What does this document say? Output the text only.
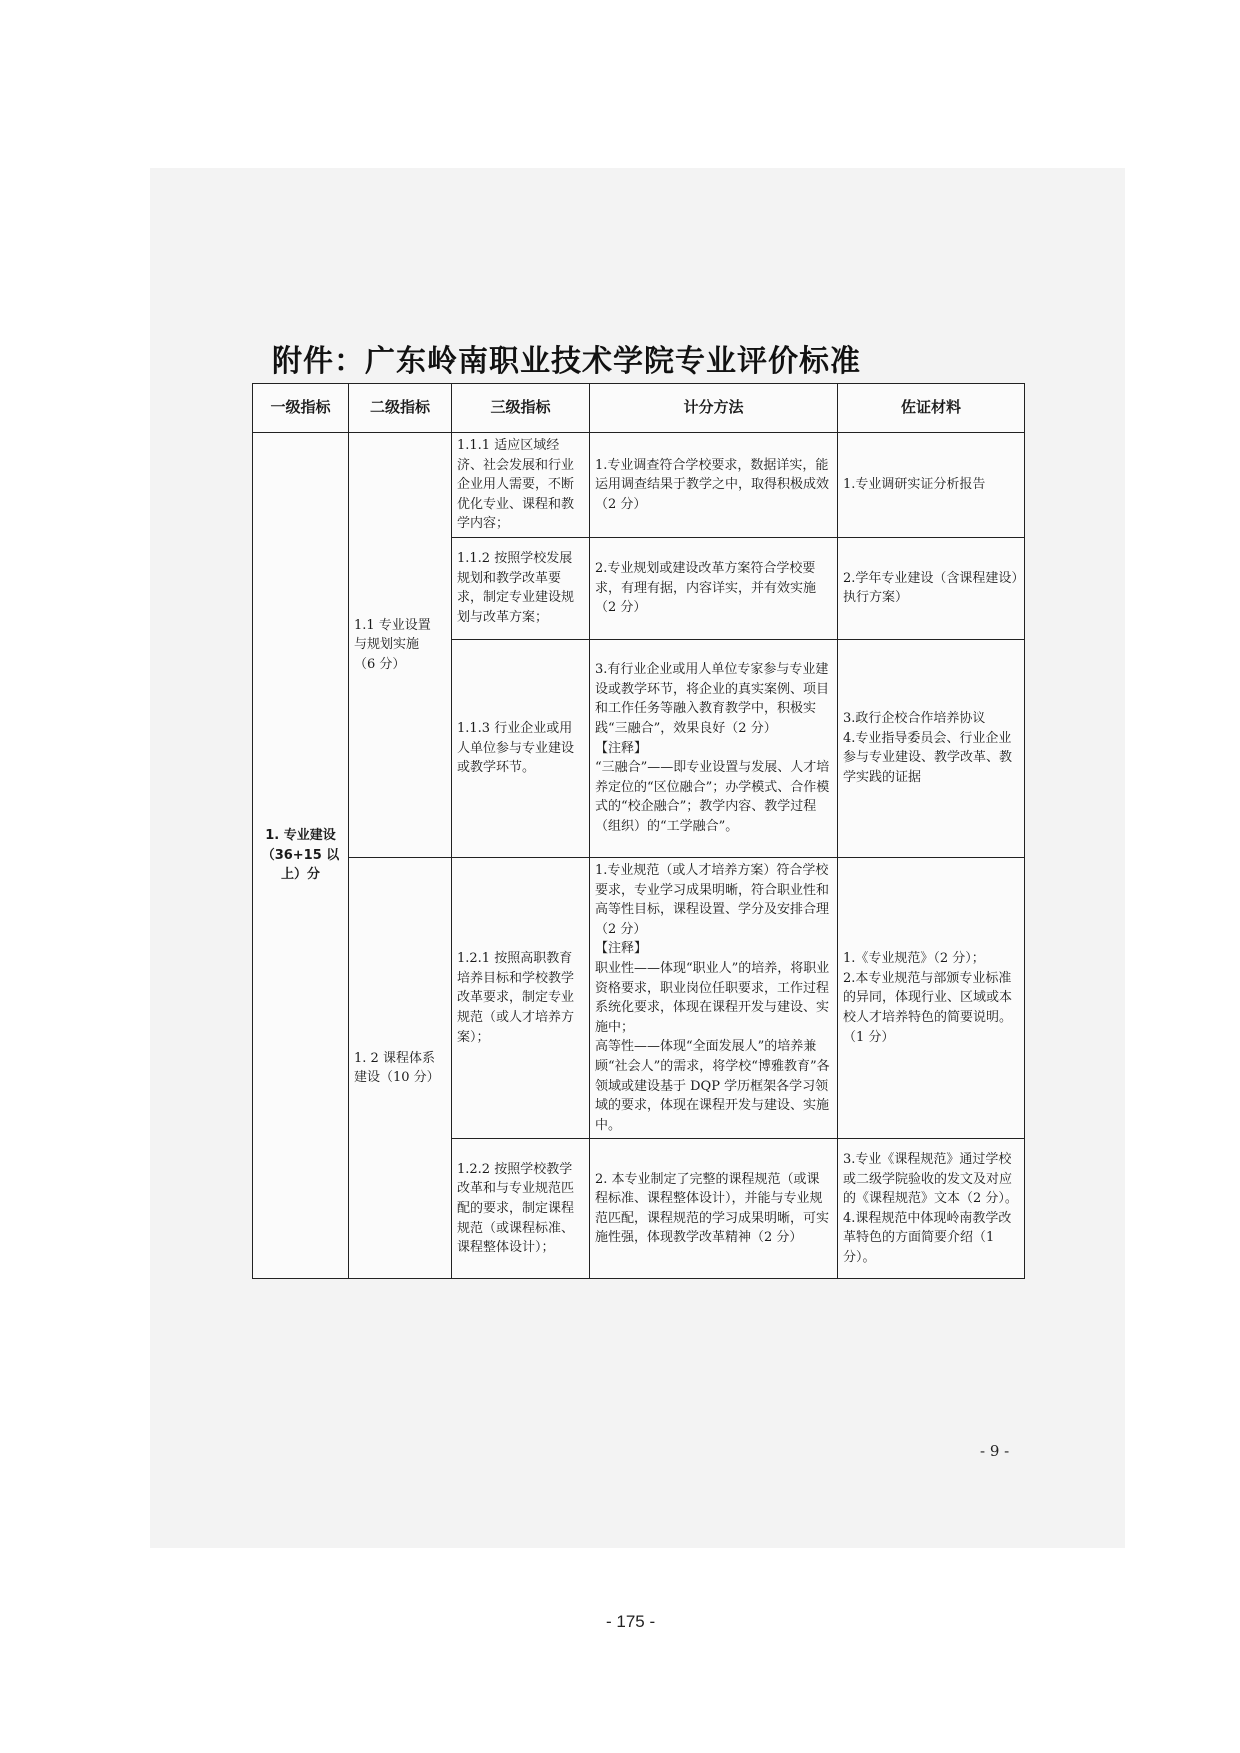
附件：广东岭南职业技术学院专业评价标准
一级指标	二级指标	三级指标	计分方法	佐证材料
1. 专业建设
（36+15 以
上）分	1.1 专业设置
与规划实施
（6 分）	1.1.1 适应区域经济、社会发展和行业企业用人需要，不断优化专业、课程和教学内容；	1.专业调查符合学校要求，数据详实，能运用调查结果于教学之中，取得积极成效（2 分）	1.专业调研实证分析报告
		1.1.2 按照学校发展规划和教学改革要求，制定专业建设规划与改革方案；	2.专业规划或建设改革方案符合学校要求，有理有据，内容详实，并有效实施（2 分）	2.学年专业建设（含课程建设）执行方案）
		1.1.3 行业企业或用人单位参与专业建设或教学环节。	3.有行业企业或用人单位专家参与专业建设或教学环节，将企业的真实案例、项目和工作任务等融入教育教学中，积极实践“三融合”，效果良好（2 分）
【注释】
“三融合”——即专业设置与发展、人才培养定位的“区位融合”；办学模式、合作模式的“校企融合”；教学内容、教学过程（组织）的“工学融合”。	3.政行企校合作培养协议
4.专业指导委员会、行业企业参与专业建设、教学改革、教学实践的证据
	1. 2 课程体系
建设（10 分）	1.2.1 按照高职教育培养目标和学校教学改革要求，制定专业规范（或人才培养方案）；	1.专业规范（或人才培养方案）符合学校要求，专业学习成果明晰，符合职业性和高等性目标，课程设置、学分及安排合理（2 分）
【注释】
职业性——体现“职业人”的培养，将职业资格要求，职业岗位任职要求，工作过程系统化要求，体现在课程开发与建设、实施中；
高等性——体现“全面发展人”的培养兼顾“社会人”的需求，将学校“博雅教育”各领域或建设基于 DQP 学历框架各学习领域的要求，体现在课程开发与建设、实施中。	1.《专业规范》（2 分）；
2.本专业规范与部颁专业标准的异同，体现行业、区域或本校人才培养特色的简要说明。（1 分）
		1.2.2 按照学校教学改革和与专业规范匹配的要求，制定课程规范（或课程标准、课程整体设计）；	2. 本专业制定了完整的课程规范（或课程标准、课程整体设计），并能与专业规范匹配，课程规范的学习成果明晰，可实施性强，体现教学改革精神（2 分）	3.专业《课程规范》通过学校或二级学院验收的发文及对应的《课程规范》文本（2 分）。
4.课程规范中体现岭南教学改革特色的方面简要介绍（1 分）。
- 9 -
- 175 -
